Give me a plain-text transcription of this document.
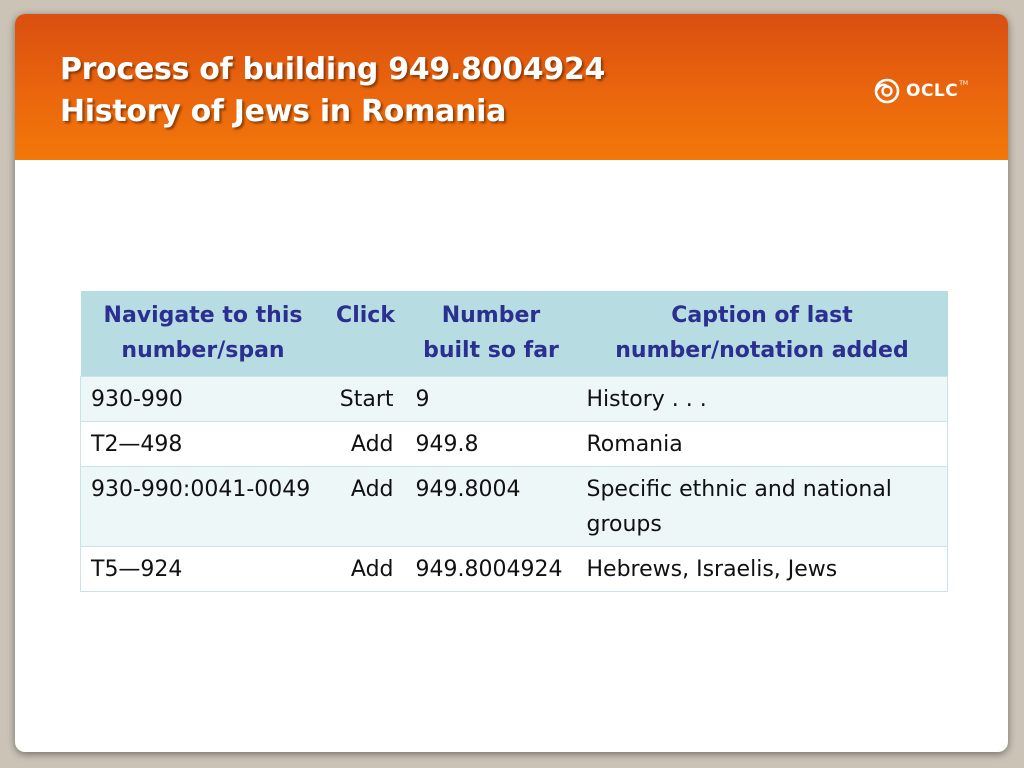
Process of building 949.8004924
History of Jews in Romania
OCLC TM
Navigate to this number/span	Click	Number built so far	Caption of last number/notation added
930-990	Start	9	History . . .
T2—498	Add	949.8	Romania
930-990:0041-0049	Add	949.8004	Specific ethnic and national groups
T5—924	Add	949.8004924	Hebrews, Israelis, Jews
